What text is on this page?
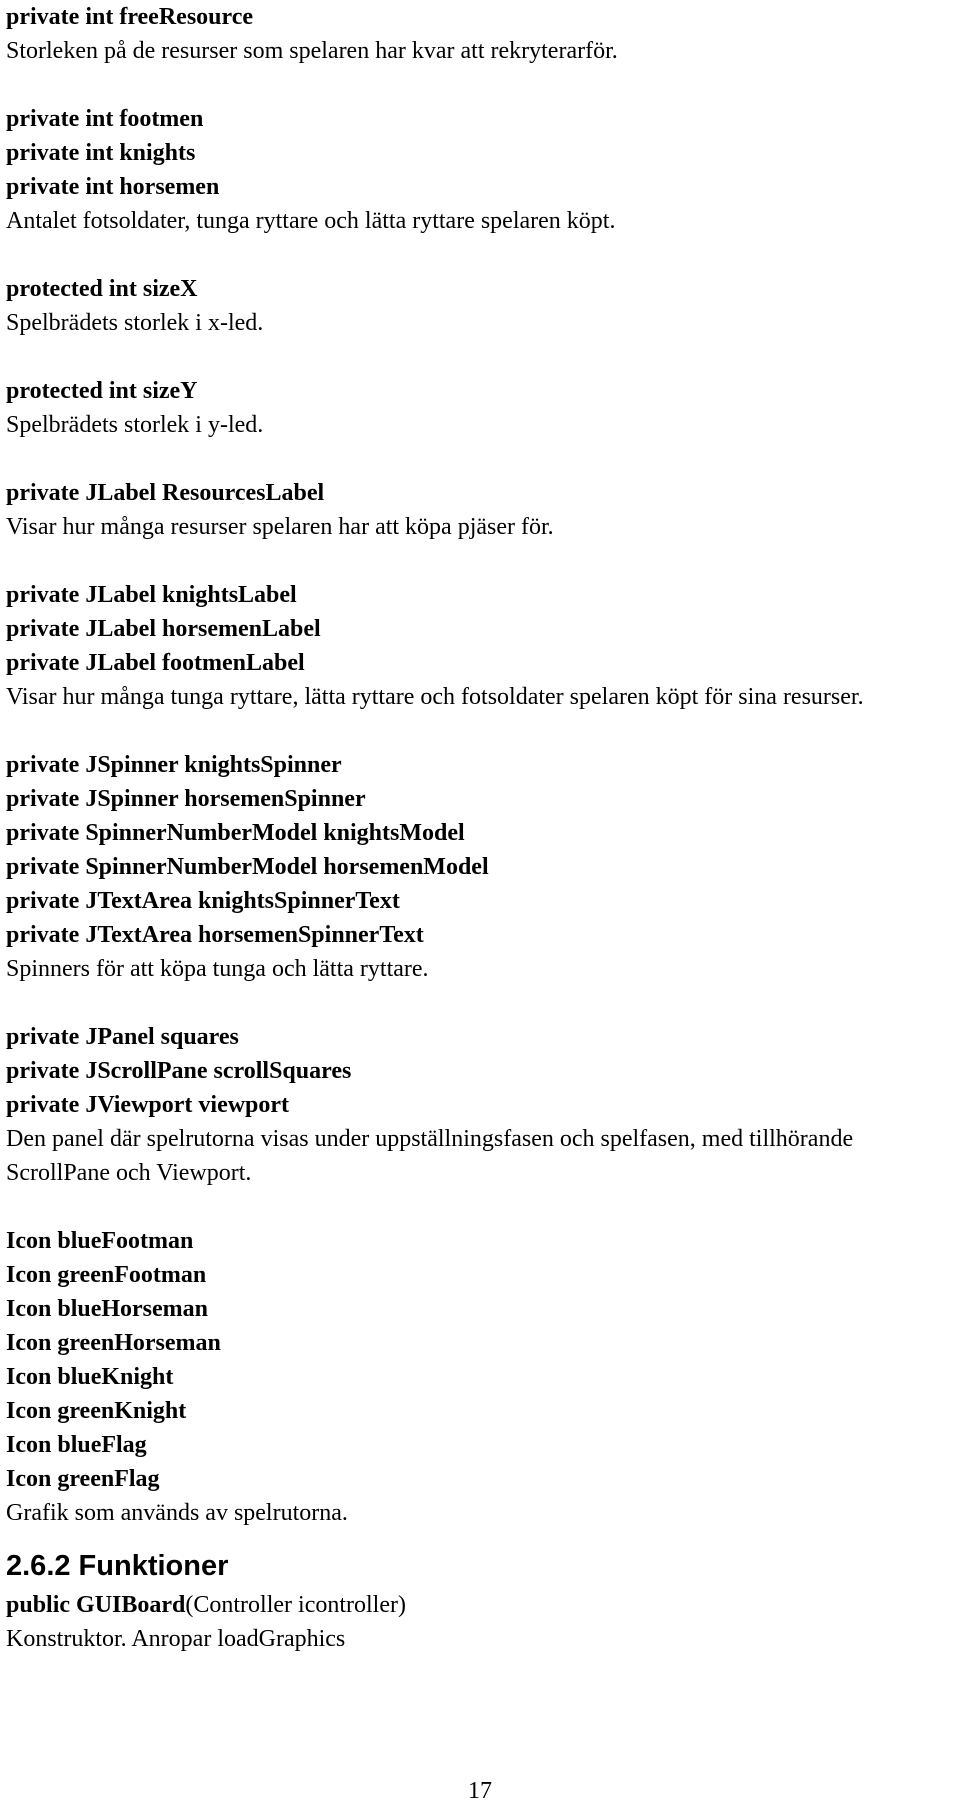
private int freeResource
Storleken på de resurser som spelaren har kvar att rekryterarför.
private int footmen
private int knights
private int horsemen
Antalet fotsoldater, tunga ryttare och lätta ryttare spelaren köpt.
protected int sizeX
Spelbrädets storlek i x-led.
protected int sizeY
Spelbrädets storlek i y-led.
private JLabel ResourcesLabel
Visar hur många resurser spelaren har att köpa pjäser för.
private JLabel knightsLabel
private JLabel horsemenLabel
private JLabel footmenLabel
Visar hur många tunga ryttare, lätta ryttare och fotsoldater spelaren köpt för sina resurser.
private JSpinner knightsSpinner
private JSpinner horsemenSpinner
private SpinnerNumberModel knightsModel
private SpinnerNumberModel horsemenModel
private JTextArea knightsSpinnerText
private JTextArea horsemenSpinnerText
Spinners för att köpa tunga och lätta ryttare.
private JPanel squares
private JScrollPane scrollSquares
private JViewport viewport
Den panel där spelrutorna visas under uppställningsfasen och spelfasen, med tillhörande ScrollPane och Viewport.
Icon blueFootman
Icon greenFootman
Icon blueHorseman
Icon greenHorseman
Icon blueKnight
Icon greenKnight
Icon blueFlag
Icon greenFlag
Grafik som används av spelrutorna.
2.6.2 Funktioner
public GUIBoard(Controller icontroller)
Konstruktor. Anropar loadGraphics
17
